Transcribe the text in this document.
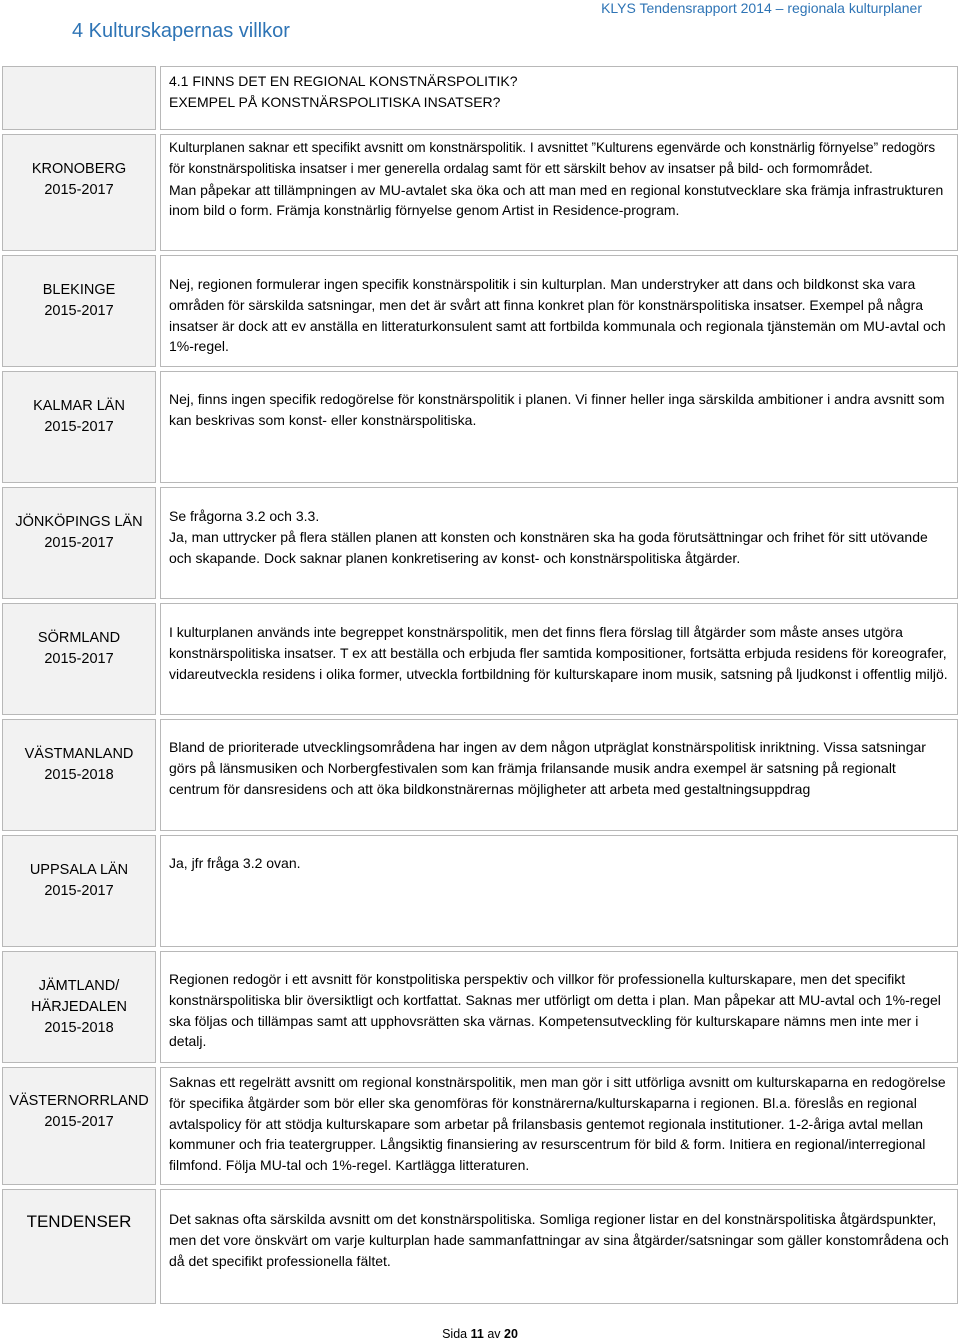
4 Kulturskapernas villkor
KLYS Tendensrapport 2014 – regionala kulturplaner
4.1 FINNS DET EN REGIONAL KONSTNÄRSPOLITIK?
EXEMPEL PÅ KONSTNÄRSPOLITISKA INSATSER?
KRONOBERG
2015-2017

Kulturplanen saknar ett specifikt avsnitt om konstnärspolitik. I avsnittet ”Kulturens egenvärde och konstnärlig förnyelse” redogörs för konstnärspolitiska insatser i mer generella ordalag samt för ett särskilt behov av insatser på bild- och formområdet.

Man påpekar att tillämpningen av MU-avtalet ska öka och att man med en regional konstutvecklare ska främja infrastrukturen inom bild o form. Främja konstnärlig förnyelse genom Artist in Residence-program.

BLEKINGE
2015-2017

Nej, regionen formulerar ingen specifik konstnärspolitik i sin kulturplan. Man understryker att dans och bildkonst ska vara områden för särskilda satsningar, men det är svårt att finna konkret plan för konstnärspolitiska insatser. Exempel på några insatser är dock att ev anställa en litteraturkonsulent samt att fortbilda kommunala och regionala tjänstemän om MU-avtal och 1%-regel.

KALMAR LÄN
2015-2017

Nej, finns ingen specifik redogörelse för konstnärspolitik i planen. Vi finner heller inga särskilda ambitioner i andra avsnitt som kan beskrivas som konst- eller konstnärspolitiska.

JÖNKÖPINGS LÄN
2015-2017

Se frågorna 3.2 och 3.3.

Ja, man uttrycker på flera ställen planen att konsten och konstnären ska ha goda förutsättningar och frihet för sitt utövande och skapande. Dock saknar planen konkretisering av konst- och konstnärspolitiska åtgärder.

SÖRMLAND
2015-2017

I kulturplanen används inte begreppet konstnärspolitik, men det finns flera förslag till åtgärder som måste anses utgöra konstnärspolitiska insatser. T ex att beställa och erbjuda fler samtida kompositioner, fortsätta erbjuda residens för koreografer, vidareutveckla residens i olika former, utveckla fortbildning för kulturskapare inom musik, satsning på ljudkonst i offentlig miljö.

VÄSTMANLAND
2015-2018

Bland de prioriterade utvecklingsområdena har ingen av dem någon utpräglat konstnärspolitisk inriktning. Vissa satsningar görs på länsmusiken och Norbergfestivalen som kan främja frilansande musik andra exempel är satsning på regionalt centrum för dansresidens och att öka bildkonstnärernas möjligheter att arbeta med gestaltningsuppdrag

UPPSALA LÄN
2015-2017

Ja, jfr fråga 3.2 ovan.

JÄMTLAND/
HÄRJEDALEN
2015-2018

Regionen redogör i ett avsnitt för konstpolitiska perspektiv och villkor för professionella kulturskapare, men det specifikt konstnärspolitiska blir översiktligt och kortfattat. Saknas mer utförligt om detta i plan. Man påpekar att MU-avtal och 1%-regel ska följas och tillämpas samt att upphovsrätten ska värnas. Kompetensutveckling för kulturskapare nämns men inte mer i detalj.

VÄSTERNORRLAND
2015-2017

Saknas ett regelrätt avsnitt om regional konstnärspolitik, men man gör i sitt utförliga avsnitt om kulturskaparna en redogörelse för specifika åtgärder som bör eller ska genomföras för konstnärerna/kulturskaparna i regionen. Bl.a. föreslås en regional avtalspolicy för att stödja kulturskapare som arbetar på frilansbasis gentemot regionala institutioner. 1-2-åriga avtal mellan kommuner och fria teatergrupper. Långsiktig finansiering av resurscentrum för bild & form. Initiera en regional/interregional filmfond. Följa MU-tal och 1%-regel. Kartlägga litteraturen.

TENDENSER	Det saknas ofta särskilda avsnitt om det konstnärspolitiska. Somliga regioner listar en del konstnärspolitiska åtgärdspunkter, men det vore önskvärt om varje kulturplan hade sammanfattningar av sina åtgärder/satsningar som gäller konstområdena och då det specifikt professionella fältet.

Sida 11 av 20
